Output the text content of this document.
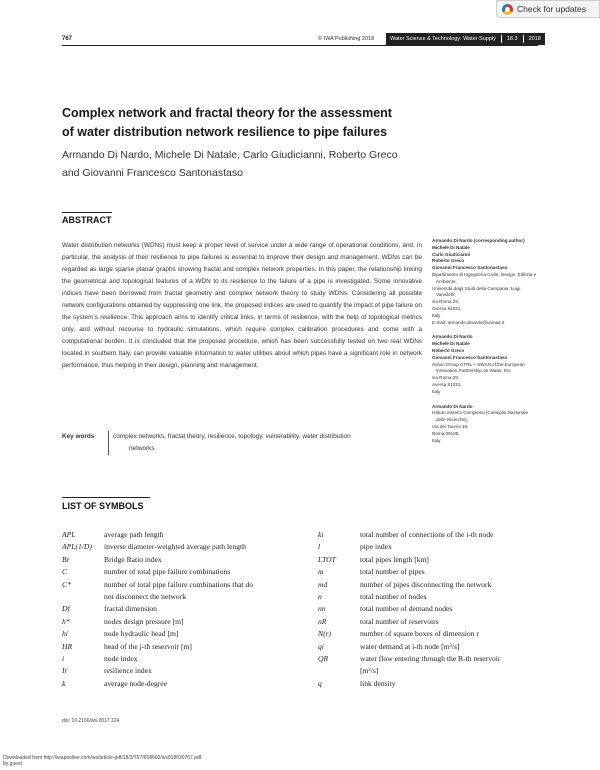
Check for updates
767	© IWA Publishing 2018	Water Science & Technology: Water Supply 18.3 2018
Complex network and fractal theory for the assessment
of water distribution network resilience to pipe failures
Armando Di Nardo, Michele Di Natale, Carlo Giudicianni, Roberto Greco
and Giovanni Francesco Santonastaso
ABSTRACT

Water distribution networks (WDNs) must keep a proper level of service under a wide range of operational conditions, and, in particular, the analysis of their resilience to pipe failures is essential to improve their design and management. WDNs can be regarded as large sparse planar graphs showing fractal and complex network properties. In this paper, the relationship linking the geometrical and topological features of a WDN to its resilience to the failure of a pipe is investigated. Some innovative indices have been borrowed from fractal geometry and complex network theory to study WDNs. Considering all possible network configurations obtained by suppressing one link, the proposed indices are used to quantify the impact of pipe failure on the system’s resilience. This approach aims to identify critical links, in terms of resilience, with the help of topological metrics only, and without recourse to hydraulic simulations, which require complex calibration procedures and come with a computational burden. It is concluded that the proposed procedure, which has been successfully tested on two real WDNs located in southern Italy, can provide valuable information to water utilities about which pipes have a significant role in network performance, thus helping in their design, planning and management.

Key words	complex networks, fractal theory, resilience, topology, vulnerability, water distribution
networks
Armando Di Nardo (corresponding author)
Michele Di Natale
Carlo Giudicianni
Roberto Greco
Giovanni Francesco Santonastaso
Dipartimento di Ingegneria Civile, Design, Edilizia e
Ambiente,
Università degli Studi della Campania ‘Luigi
Vanvitelli’,
via Roma 29,
Aversa 81031,
Italy
E-mail: armando.dinardo@unina2.it
Armando Di Nardo
Michele Di Natale
Roberto Greco
Giovanni Francesco Santonastaso
Action Group CTRL + SWAN of the European
Innovation Partnership on Water, EU
via Roma 29,
Aversa 81031,
Italy
Armando Di Nardo
Istituto Sistemi Complessi (Consiglio Nazionale
delle Ricerche),
Via dei Taurini 19,
Roma 00185,
Italy
LIST OF SYMBOLS
APL	average path length
APL(1/D)	inverse diameter-weighted average path length
Br	Bridge Ratio index
C	number of total pipe failure combinations
C*	number of total pipe failure combinations that do
not disconnect the network
Df	fractal dimension
h*	nodes design pressure [m]
hi	node hydraulic head [m]
HR	head of the j-th reservoir [m]
i	node index
Ir	resilience index
k	average node-degree
ki	total number of connections of the i-th node
l	pipe index
LTOT	total pipes length [km]
m	total number of pipes
md	number of pipes disconnecting the network
n	total number of nodes
nn	total number of demand nodes
nR	total number of reservoirs
N(r)	number of square boxes of dimension r
qi	water demand at i-th node [m³/s]
QR	water flow entering through the R-th reservoir
[m³/s]
q	link density
doi: 10.2166/ws.2017.124
Downloaded from http://iwaponline.com/ws/article-pdf/18/3/767/658660/ws018030767.pdf
by guest
